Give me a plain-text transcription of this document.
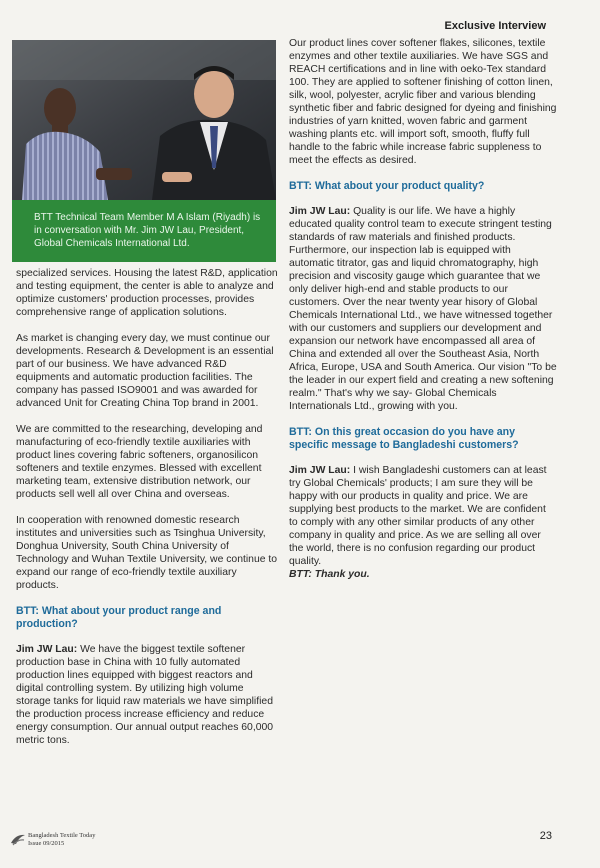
Exclusive Interview
BTT Technical Team Member M A Islam (Riyadh) is in conversation with Mr. Jim JW Lau, President, Global Chemicals International Ltd.

specialized services. Housing the latest R&D, application and testing equipment, the center is able to analyze and optimize customers' production processes, provides comprehensive range of application solutions.

As market is changing every day, we must continue our developments. Research & Development is an essential part of our business. We have advanced R&D equipments and automatic production facilities. The company has passed ISO9001 and was awarded for advanced Unit for Creating China Top brand in 2001.

We are committed to the researching, developing and manufacturing of eco-friendly textile auxiliaries with product lines covering fabric softeners, organosilicon softeners and textile enzymes. Blessed with excellent marketing team, extensive distribution network, our products sell well all over China and overseas.

In cooperation with renowned domestic research institutes and universities such as Tsinghua University, Donghua University, South China University of Technology and Wuhan Textile University, we continue to expand our range of eco-friendly textile auxiliary products.

BTT: What about your product range and production?

Jim JW Lau: We have the biggest textile softener production base in China with 10 fully automated production lines equipped with biggest reactors and digital controlling system. By utilizing high volume storage tanks for liquid raw materials we have simplified the production process increase efficiency and reduce energy consumption. Our annual output reaches 60,000 metric tons.

Our product lines cover softener flakes, silicones, textile enzymes and other textile auxiliaries. We have SGS and REACH certifications and in line with oeko-Tex standard 100. They are applied to softener finishing of cotton linen, silk, wool, polyester, acrylic fiber and various blending synthetic fiber and fabric designed for dyeing and finishing industries of yarn knitted, woven fabric and garment washing plants etc. will import soft, smooth, fluffy full handle to the fabric while increase fabric suppleness to meet the effects as desired.

BTT: What about your product quality?

Jim JW Lau: Quality is our life. We have a highly educated quality control team to execute stringent testing standards of raw materials and finished products. Furthermore, our inspection lab is equipped with automatic titrator, gas and liquid chromatography, high precision and viscosity gauge which guarantee that we only deliver high-end and stable products to our customers. Over the near twenty year hisory of Global Chemicals International Ltd., we have witnessed together with our customers and suppliers our development and expansion our network have encompassed all area of China and extended all over the Southeast Asia, North Africa, Europe, USA and South America. Our vision "To be the leader in our expert field and creating a new softening realm." That's why we say- Global Chemicals Internationals Ltd., growing with you.

BTT: On this great occasion do you have any specific message to Bangladeshi customers?

Jim JW Lau: I wish Bangladeshi customers can at least try Global Chemicals' products; I am sure they will be happy with our products in quality and price. We are supplying best products to the market. We are confident to comply with any other similar products of any other company in quality and price. As we are selling all over the world, there is no confusion regarding our product quality.

BTT: Thank you.
Bangladesh Textile Today
Issue 09/2015
23
